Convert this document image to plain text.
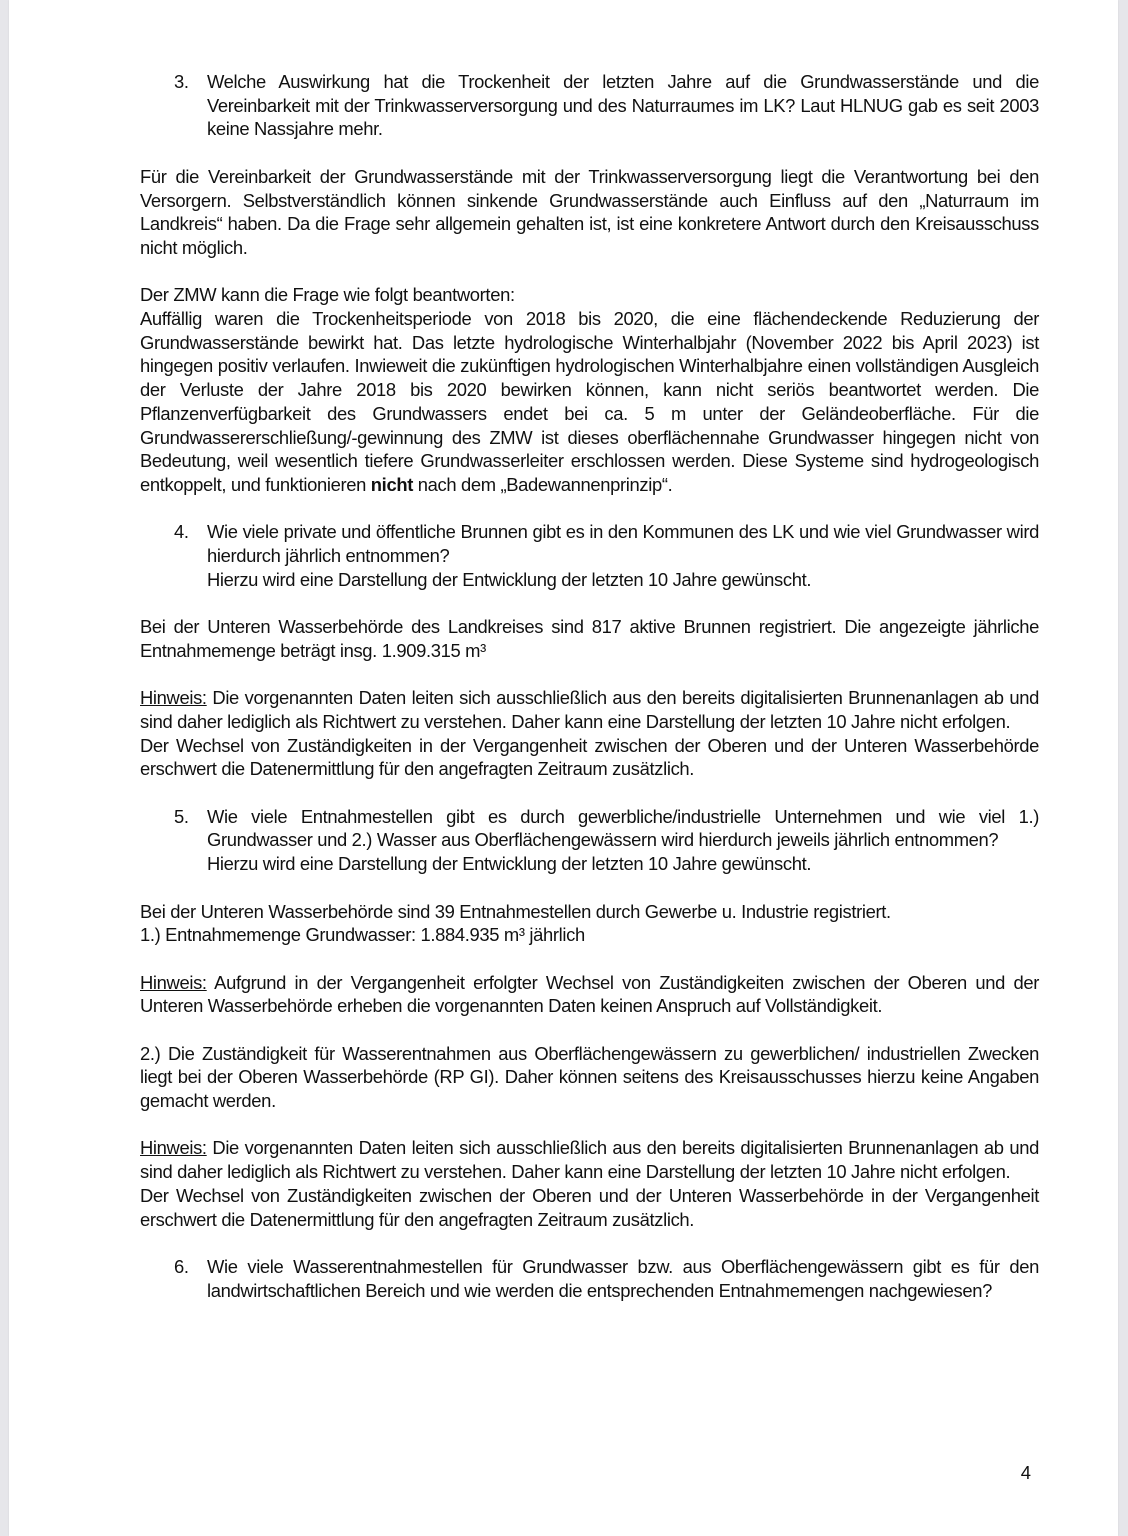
3. Welche Auswirkung hat die Trockenheit der letzten Jahre auf die Grundwasserstände und die Vereinbarkeit mit der Trinkwasserversorgung und des Naturraumes im LK? Laut HLNUG gab es seit 2003 keine Nassjahre mehr.

Für die Vereinbarkeit der Grundwasserstände mit der Trinkwasserversorgung liegt die Verantwortung bei den Versorgern. Selbstverständlich können sinkende Grundwasserstände auch Einfluss auf den „Naturraum im Landkreis“ haben. Da die Frage sehr allgemein gehalten ist, ist eine konkretere Antwort durch den Kreisausschuss nicht möglich.

Der ZMW kann die Frage wie folgt beantworten:

Auffällig waren die Trockenheitsperiode von 2018 bis 2020, die eine flächendeckende Reduzierung der Grundwasserstände bewirkt hat. Das letzte hydrologische Winterhalbjahr (November 2022 bis April 2023) ist hingegen positiv verlaufen. Inwieweit die zukünftigen hydrologischen Winterhalbjahre einen vollständigen Ausgleich der Verluste der Jahre 2018 bis 2020 bewirken können, kann nicht seriös beantwortet werden. Die Pflanzenverfügbarkeit des Grundwassers endet bei ca. 5 m unter der Geländeoberfläche. Für die Grundwassererschließung/-gewinnung des ZMW ist dieses oberflächennahe Grundwasser hingegen nicht von Bedeutung, weil wesentlich tiefere Grundwasserleiter erschlossen werden. Diese Systeme sind hydrogeologisch entkoppelt, und funktionieren nicht nach dem „Badewannenprinzip“.

4. Wie viele private und öffentliche Brunnen gibt es in den Kommunen des LK und wie viel Grundwasser wird hierdurch jährlich entnommen?

Hierzu wird eine Darstellung der Entwicklung der letzten 10 Jahre gewünscht.

Bei der Unteren Wasserbehörde des Landkreises sind 817 aktive Brunnen registriert. Die angezeigte jährliche Entnahmemenge beträgt insg. 1.909.315 m³

Hinweis: Die vorgenannten Daten leiten sich ausschließlich aus den bereits digitalisierten Brunnenanlagen ab und sind daher lediglich als Richtwert zu verstehen. Daher kann eine Darstellung der letzten 10 Jahre nicht erfolgen.

Der Wechsel von Zuständigkeiten in der Vergangenheit zwischen der Oberen und der Unteren Wasserbehörde erschwert die Datenermittlung für den angefragten Zeitraum zusätzlich.

5. Wie viele Entnahmestellen gibt es durch gewerbliche/industrielle Unternehmen und wie viel 1.) Grundwasser und 2.) Wasser aus Oberflächengewässern wird hierdurch jeweils jährlich entnommen?

Hierzu wird eine Darstellung der Entwicklung der letzten 10 Jahre gewünscht.

Bei der Unteren Wasserbehörde sind 39 Entnahmestellen durch Gewerbe u. Industrie registriert.

1.) Entnahmemenge Grundwasser: 1.884.935 m³ jährlich

Hinweis: Aufgrund in der Vergangenheit erfolgter Wechsel von Zuständigkeiten zwischen der Oberen und der Unteren Wasserbehörde erheben die vorgenannten Daten keinen Anspruch auf Vollständigkeit.

2.) Die Zuständigkeit für Wasserentnahmen aus Oberflächengewässern zu gewerblichen/ industriellen Zwecken liegt bei der Oberen Wasserbehörde (RP GI). Daher können seitens des Kreisausschusses hierzu keine Angaben gemacht werden.

Hinweis: Die vorgenannten Daten leiten sich ausschließlich aus den bereits digitalisierten Brunnenanlagen ab und sind daher lediglich als Richtwert zu verstehen. Daher kann eine Darstellung der letzten 10 Jahre nicht erfolgen.

Der Wechsel von Zuständigkeiten zwischen der Oberen und der Unteren Wasserbehörde in der Vergangenheit erschwert die Datenermittlung für den angefragten Zeitraum zusätzlich.

6. Wie viele Wasserentnahmestellen für Grundwasser bzw. aus Oberflächengewässern gibt es für den landwirtschaftlichen Bereich und wie werden die entsprechenden Entnahmemengen nachgewiesen?

4
